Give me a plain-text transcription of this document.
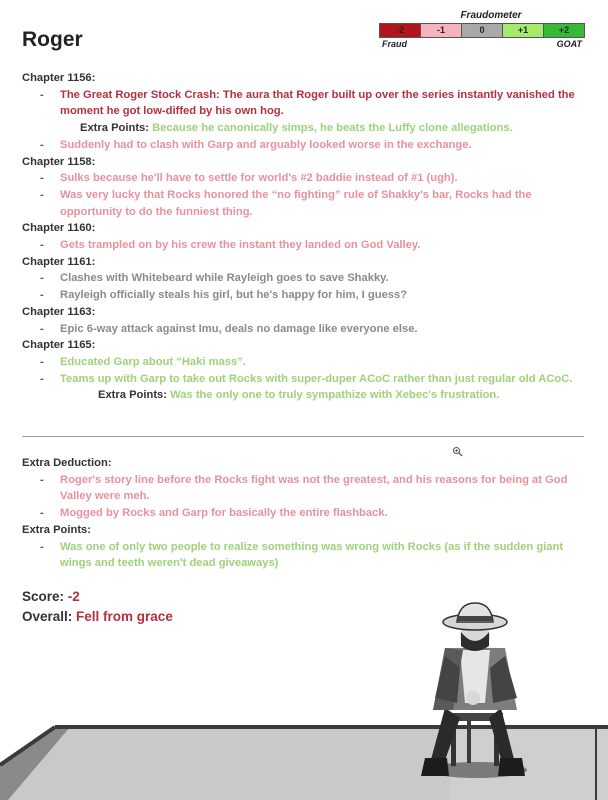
Roger
Fraudometer
-2	-1	0	+1	+2
Fraud	GOAT
Chapter 1156:
- The Great Roger Stock Crash: The aura that Roger built up over the series instantly vanished the moment he got low-diffed by his own hog.
Extra Points: Because he canonically simps, he beats the Luffy clone allegations.
- Suddenly had to clash with Garp and arguably looked worse in the exchange.
Chapter 1158:
- Sulks because he'll have to settle for world's #2 baddie instead of #1 (ugh).
- Was very lucky that Rocks honored the “no fighting” rule of Shakky's bar, Rocks had the opportunity to do the funniest thing.
Chapter 1160:
- Gets trampled on by his crew the instant they landed on God Valley.
Chapter 1161:
- Clashes with Whitebeard while Rayleigh goes to save Shakky.
- Rayleigh officially steals his girl, but he's happy for him, I guess?
Chapter 1163:
- Epic 6-way attack against Imu, deals no damage like everyone else.
Chapter 1165:
- Educated Garp about “Haki mass”.
- Teams up with Garp to take out Rocks with super-duper ACoC rather than just regular old ACoC.
Extra Points: Was the only one to truly sympathize with Xebec's frustration.
Extra Deduction:
- Roger's story line before the Rocks fight was not the greatest, and his reasons for being at God Valley were meh.
- Mogged by Rocks and Garp for basically the entire flashback.
Extra Points:
- Was one of only two people to realize something was wrong with Rocks (as if the sudden giant wings and teeth weren't dead giveaways)
Score: -2
Overall: Fell from grace
